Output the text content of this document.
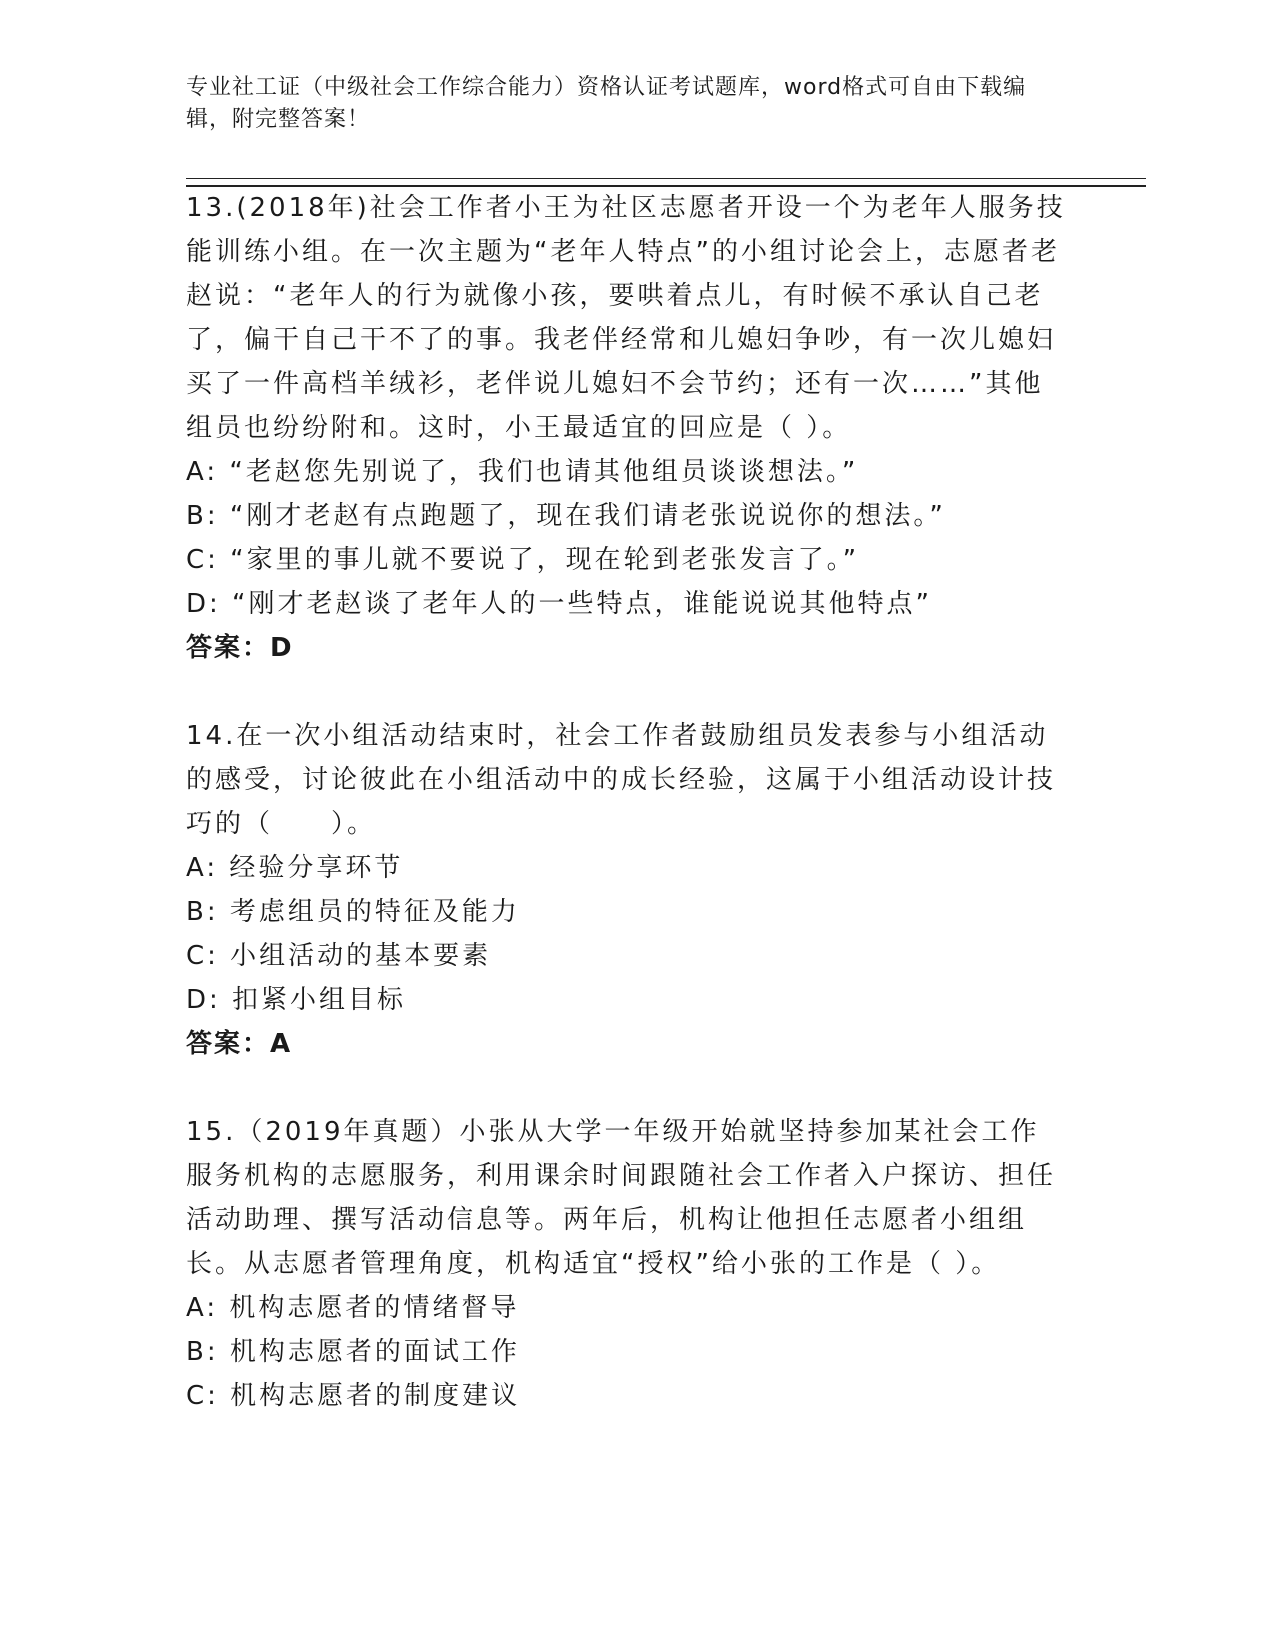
专业社工证（中级社会工作综合能力）资格认证考试题库，word格式可自由下载编辑，附完整答案！

13.(2018年)社会工作者小王为社区志愿者开设一个为老年人服务技能训练小组。在一次主题为“老年人特点”的小组讨论会上，志愿者老赵说：“老年人的行为就像小孩，要哄着点儿，有时候不承认自己老了，偏干自己干不了的事。我老伴经常和儿媳妇争吵，有一次儿媳妇买了一件高档羊绒衫，老伴说儿媳妇不会节约；还有一次……”其他组员也纷纷附和。这时，小王最适宜的回应是（ ）。

A: “老赵您先别说了，我们也请其他组员谈谈想法。”

B: “刚才老赵有点跑题了，现在我们请老张说说你的想法。”

C: “家里的事儿就不要说了，现在轮到老张发言了。”

D: “刚才老赵谈了老年人的一些特点，谁能说说其他特点”

答案：D

14.在一次小组活动结束时，社会工作者鼓励组员发表参与小组活动的感受，讨论彼此在小组活动中的成长经验，这属于小组活动设计技巧的（　　）。

A: 经验分享环节

B: 考虑组员的特征及能力

C: 小组活动的基本要素

D: 扣紧小组目标

答案：A

15.（2019年真题）小张从大学一年级开始就坚持参加某社会工作服务机构的志愿服务，利用课余时间跟随社会工作者入户探访、担任活动助理、撰写活动信息等。两年后，机构让他担任志愿者小组组长。从志愿者管理角度，机构适宜“授权”给小张的工作是（ ）。

A: 机构志愿者的情绪督导

B: 机构志愿者的面试工作

C: 机构志愿者的制度建议
